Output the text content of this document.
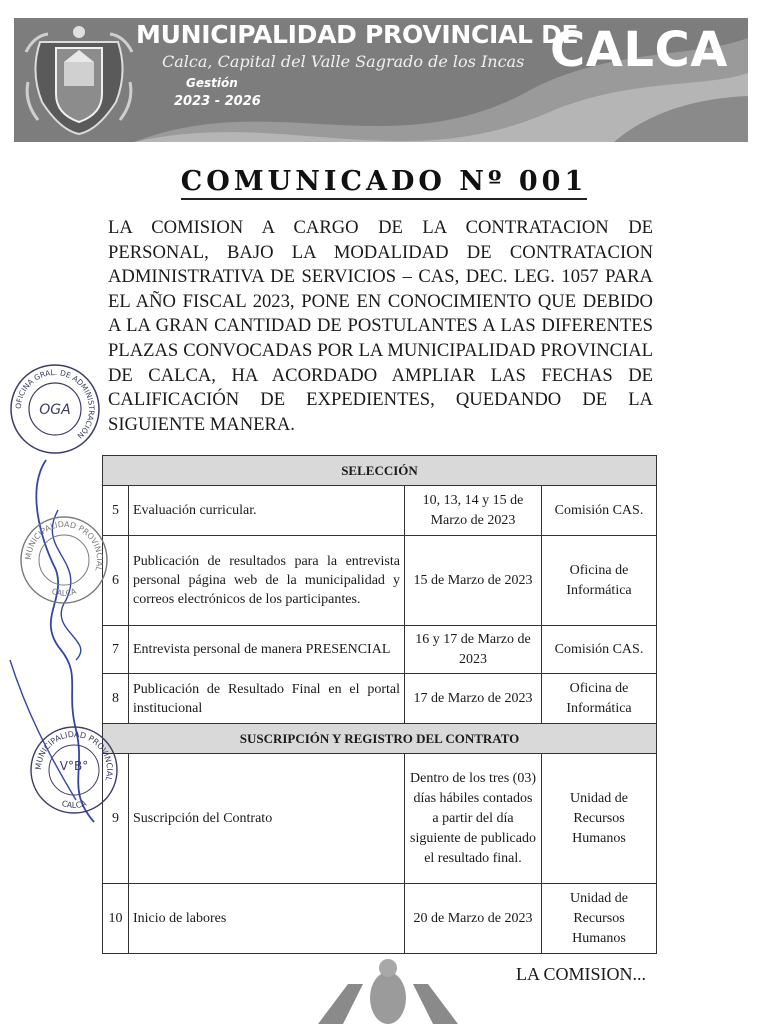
MUNICIPALIDAD PROVINCIAL DE
Calca, Capital del Valle Sagrado de los Incas
Gestión
2023 - 2026
CALCA
COMUNICADO Nº 001
LA COMISION A CARGO DE LA CONTRATACION DE PERSONAL, BAJO LA MODALIDAD DE CONTRATACION ADMINISTRATIVA DE SERVICIOS – CAS, DEC. LEG. 1057 PARA EL AÑO FISCAL 2023, PONE EN CONOCIMIENTO QUE DEBIDO A LA GRAN CANTIDAD DE POSTULANTES A LAS DIFERENTES PLAZAS CONVOCADAS POR LA MUNICIPALIDAD PROVINCIAL DE CALCA, HA ACORDADO AMPLIAR LAS FECHAS DE CALIFICACIÓN DE EXPEDIENTES, QUEDANDO DE LA SIGUIENTE MANERA.
SELECCIÓN			
5	Evaluación curricular.	10, 13, 14 y 15 de Marzo de 2023	Comisión CAS.
6	Publicación de resultados para la entrevista personal página web de la municipalidad y correos electrónicos de los participantes.	15 de Marzo de 2023	Oficina de Informática
7	Entrevista personal de manera PRESENCIAL	16 y 17 de Marzo de 2023	Comisión CAS.
8	Publicación de Resultado Final en el portal institucional	17 de Marzo de 2023	Oficina de Informática
SUSCRIPCIÓN Y REGISTRO DEL CONTRATO			
9	Suscripción del Contrato	Dentro de los tres (03) días hábiles contados a partir del día siguiente de publicado el resultado final.	Unidad de Recursos Humanos
10	Inicio de labores	20 de Marzo de 2023	Unidad de Recursos Humanos
OFICINA GRAL. DE ADMINISTRACIÓN
OGA
MUNICIPALIDAD PROVINCIAL
CALCA
MUNICIPALIDAD PROVINCIAL
V°B°
CALCA
LA COMISION...
